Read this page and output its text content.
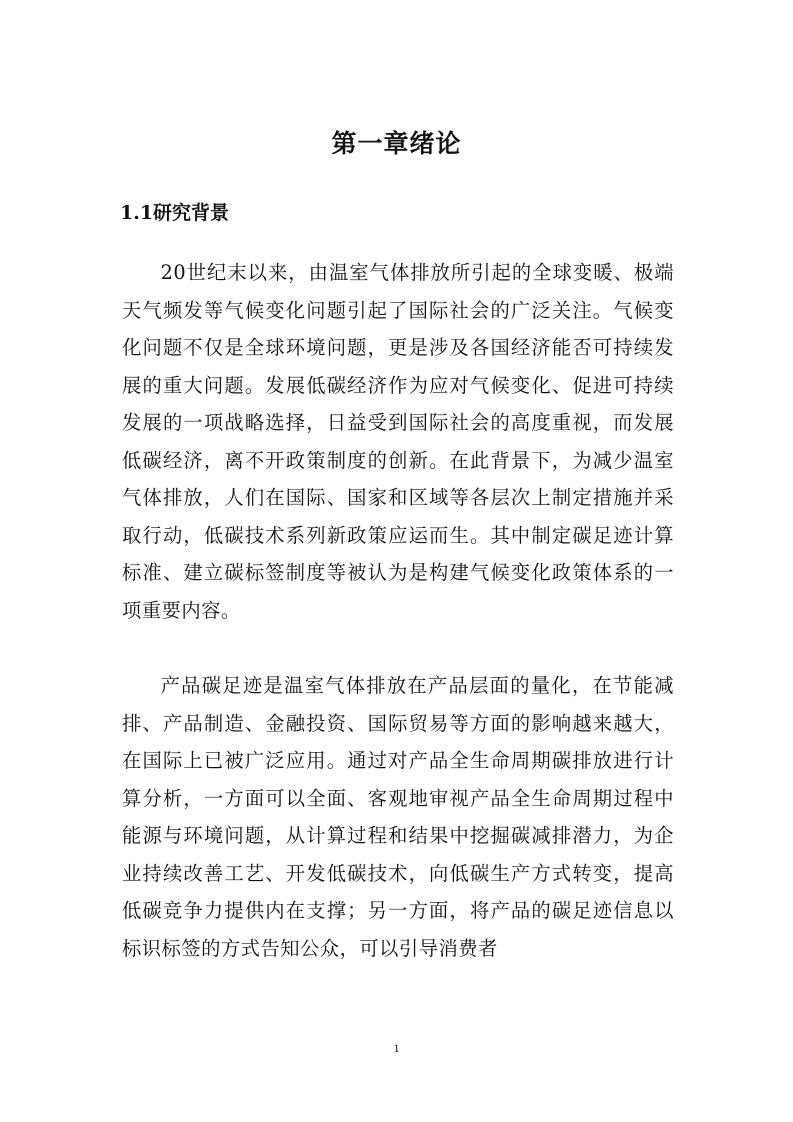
第一章绪论
1.1研究背景

20世纪末以来，由温室气体排放所引起的全球变暖、极端天气频发等气候变化问题引起了国际社会的广泛关注。气候变化问题不仅是全球环境问题，更是涉及各国经济能否可持续发展的重大问题。发展低碳经济作为应对气候变化、促进可持续发展的一项战略选择，日益受到国际社会的高度重视，而发展低碳经济，离不开政策制度的创新。在此背景下，为减少温室气体排放，人们在国际、国家和区域等各层次上制定措施并采取行动，低碳技术系列新政策应运而生。其中制定碳足迹计算标准、建立碳标签制度等被认为是构建气候变化政策体系的一项重要内容。

产品碳足迹是温室气体排放在产品层面的量化，在节能减排、产品制造、金融投资、国际贸易等方面的影响越来越大，在国际上已被广泛应用。通过对产品全生命周期碳排放进行计算分析，一方面可以全面、客观地审视产品全生命周期过程中能源与环境问题，从计算过程和结果中挖掘碳减排潜力，为企业持续改善工艺、开发低碳技术，向低碳生产方式转变，提高低碳竞争力提供内在支撑；另一方面，将产品的碳足迹信息以标识标签的方式告知公众，可以引导消费者

1
